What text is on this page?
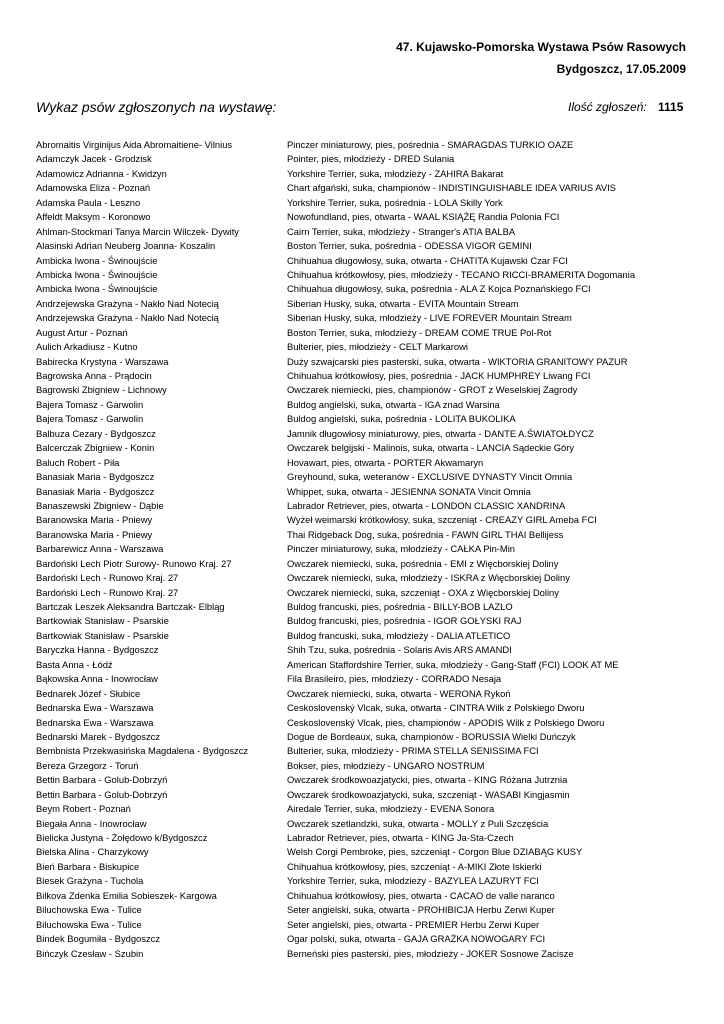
47. Kujawsko-Pomorska Wystawa Psów Rasowych
Bydgoszcz, 17.05.2009
Wykaz psów zgłoszonych na wystawę:	Ilość zgłoszeń: 1115
Abromaitis Virginijus Aida Abromaitiene- Vilnius	Pinczer miniaturowy, pies, pośrednia - SMARAGDAS TURKIO OAZE
Adamczyk Jacek - Grodzisk	Pointer, pies, młodzieży - DRED Sulania
Adamowicz Adrianna - Kwidzyn	Yorkshire Terrier, suka, młodzieży - ZAHIRA Bakarat
Adamowska Eliza - Poznań	Chart afgański, suka, championów - INDISTINGUISHABLE IDEA VARIUS AVIS
Adamska Paula - Leszno	Yorkshire Terrier, suka, pośrednia - LOLA Skilly York
Affeldt Maksym - Koronowo	Nowofundland, pies, otwarta - WAAL KSIĄŻĘ Randia Polonia FCI
Ahlman-Stockmari Tanya Marcin Wilczek- Dywity	Cairn Terrier, suka, młodzieży - Stranger's ATIA BALBA
Alasinski Adrian Neuberg Joanna- Koszalin	Boston Terrier, suka, pośrednia - ODESSA VIGOR GEMINI
Ambicka Iwona - Świnoujście	Chihuahua długowłosy, suka, otwarta - CHATITA Kujawski Czar FCI
Ambicka Iwona - Świnoujście	Chihuahua krótkowłosy, pies, młodzieży - TECANO RICCI-BRAMERITA Dogomania
Ambicka Iwona - Świnoujście	Chihuahua długowłosy, suka, pośrednia - ALA Z Kojca Poznańskiego FCI
Andrzejewska Grażyna - Nakło Nad Notecią	Siberian Husky, suka, otwarta - EVITA Mountain Stream
Andrzejewska Grażyna - Nakło Nad Notecią	Siberian Husky, suka, młodzieży - LIVE FOREVER Mountain Stream
August Artur - Poznań	Boston Terrier, suka, młodzieży - DREAM COME TRUE Pol-Rot
Aulich Arkadiusz - Kutno	Bulterier, pies, młodzieży - CELT Markarowi
Babirecka Krystyna - Warszawa	Duży szwajcarski pies pasterski, suka, otwarta - WIKTORIA GRANITOWY PAZUR
Bagrowska Anna - Prądocin	Chihuahua krótkowłosy, pies, pośrednia - JACK HUMPHREY Liwang FCI
Bagrowski Zbigniew - Lichnowy	Owczarek niemiecki, pies, championów - GROT z Weselskiej Zagrody
Bajera Tomasz - Garwolin	Buldog angielski, suka, otwarta - IGA znad Warsina
Bajera Tomasz - Garwolin	Buldog angielski, suka, pośrednia - LOLITA BUKOLIKA
Balbuza Cezary - Bydgoszcz	Jamnik długowłosy miniaturowy, pies, otwarta - DANTE A.ŚWIATOŁDYCZ
Balcerczak Zbigniew - Konin	Owczarek belgijski - Malinois, suka, otwarta - LANCIA Sądeckie Góry
Baluch Robert - Piła	Hovawart, pies, otwarta - PORTER Akwamaryn
Banasiak Maria - Bydgoszcz	Greyhound, suka, weteranów - EXCLUSIVE DYNASTY Vincit Omnia
Banasiak Maria - Bydgoszcz	Whippet, suka, otwarta - JESIENNA SONATA Vincit Omnia
Banaszewski Zbigniew - Dąbie	Labrador Retriever, pies, otwarta - LONDON CLASSIC XANDRINA
Baranowska Maria - Pniewy	Wyżeł weimarski krótkowłosy, suka, szczeniąt - CREAZY GIRL Ameba FCI
Baranowska Maria - Pniewy	Thai Ridgeback Dog, suka, pośrednia - FAWN GIRL THAI Bellijess
Barbarewicz Anna - Warszawa	Pinczer miniaturowy, suka, młodzieży - CAŁKA Pin-Min
Bardoński Lech Piotr Surowy- Runowo Kraj. 27	Owczarek niemiecki, suka, pośrednia - EMI z Więcborskiej Doliny
Bardoński Lech - Runowo Kraj. 27	Owczarek niemiecki, suka, młodzieży - ISKRA z Więcborskiej Doliny
Bardoński Lech - Runowo Kraj. 27	Owczarek niemiecki, suka, szczeniąt - OXA z Więcborskiej Doliny
Bartczak Leszek Aleksandra Bartczak- Elbląg	Buldog francuski, pies, pośrednia - BILLY-BOB LAZLO
Bartkowiak Stanisław - Psarskie	Buldog francuski, pies, pośrednia - IGOR GOŁYSKI RAJ
Bartkowiak Stanisław - Psarskie	Buldog francuski, suka, młodzieży - DALIA ATLETICO
Baryczka Hanna - Bydgoszcz	Shih Tzu, suka, pośrednia - Solaris Avis ARS AMANDI
Basta Anna - Łódź	American Staffordshire Terrier, suka, młodzieży - Gang-Staff (FCI) LOOK AT ME
Bąkowska Anna - Inowrocław	Fila Brasileiro, pies, młodzieży - CORRADO Nesaja
Bednarek Józef - Słubice	Owczarek niemiecki, suka, otwarta - WERONA Rykoń
Bednarska Ewa - Warszawa	Ceskoslovenský Vlcak, suka, otwarta - CINTRA Wilk z Polskiego Dworu
Bednarska Ewa - Warszawa	Ceskoslovenský Vlcak, pies, championów - APODIS Wilk z Polskiego Dworu
Bednarski Marek - Bydgoszcz	Dogue de Bordeaux, suka, championów - BORUSSIA Wielki Duńczyk
Bembnista Przekwasińska Magdalena - Bydgoszcz	Bulterier, suka, młodzieży - PRIMA STELLA SENISSIMA FCI
Bereza Grzegorz - Toruń	Bokser, pies, młodzieży - UNGARO NOSTRUM
Bettin Barbara - Golub-Dobrzyń	Owczarek środkowoazjatycki, pies, otwarta - KING Różana Jutrznia
Bettin Barbara - Golub-Dobrzyń	Owczarek środkowoazjatycki, suka, szczeniąt - WASABI Kingjasmin
Beym Robert - Poznań	Airedale Terrier, suka, młodzieży - EVENA Sonora
Biegała Anna - Inowrocław	Owczarek szetlandzki, suka, otwarta - MOLLY z Puli Szczęścia
Bielicka Justyna - Żołędowo k/Bydgoszcz	Labrador Retriever, pies, otwarta - KING Ja-Sta-Czech
Bielska Alina - Charzykowy	Welsh Corgi Pembroke, pies, szczeniąt - Corgon Blue DZIABĄG KUSY
Bień Barbara - Biskupice	Chihuahua krótkowłosy, pies, szczeniąt - A-MIKI Złote Iskierki
Biesek Grażyna - Tuchola	Yorkshire Terrier, suka, młodzieży - BAZYLEA LAZURYT FCI
Bilkova Zdenka Emilia Sobieszek- Kargowa	Chihuahua krótkowłosy, pies, otwarta - CACAO de valle naranco
Biluchowska Ewa - Tulice	Seter angielski, suka, otwarta - PROHIBICJA Herbu Zerwi Kuper
Biluchowska Ewa - Tulice	Seter angielski, pies, otwarta - PREMIER Herbu Zerwi Kuper
Bindek Bogumiła - Bydgoszcz	Ogar polski, suka, otwarta - GAJA GRAŻKA NOWOGARY FCI
Bińczyk Czesław - Szubin	Berneński pies pasterski, pies, młodzieży - JOKER Sosnowe Zacisze
